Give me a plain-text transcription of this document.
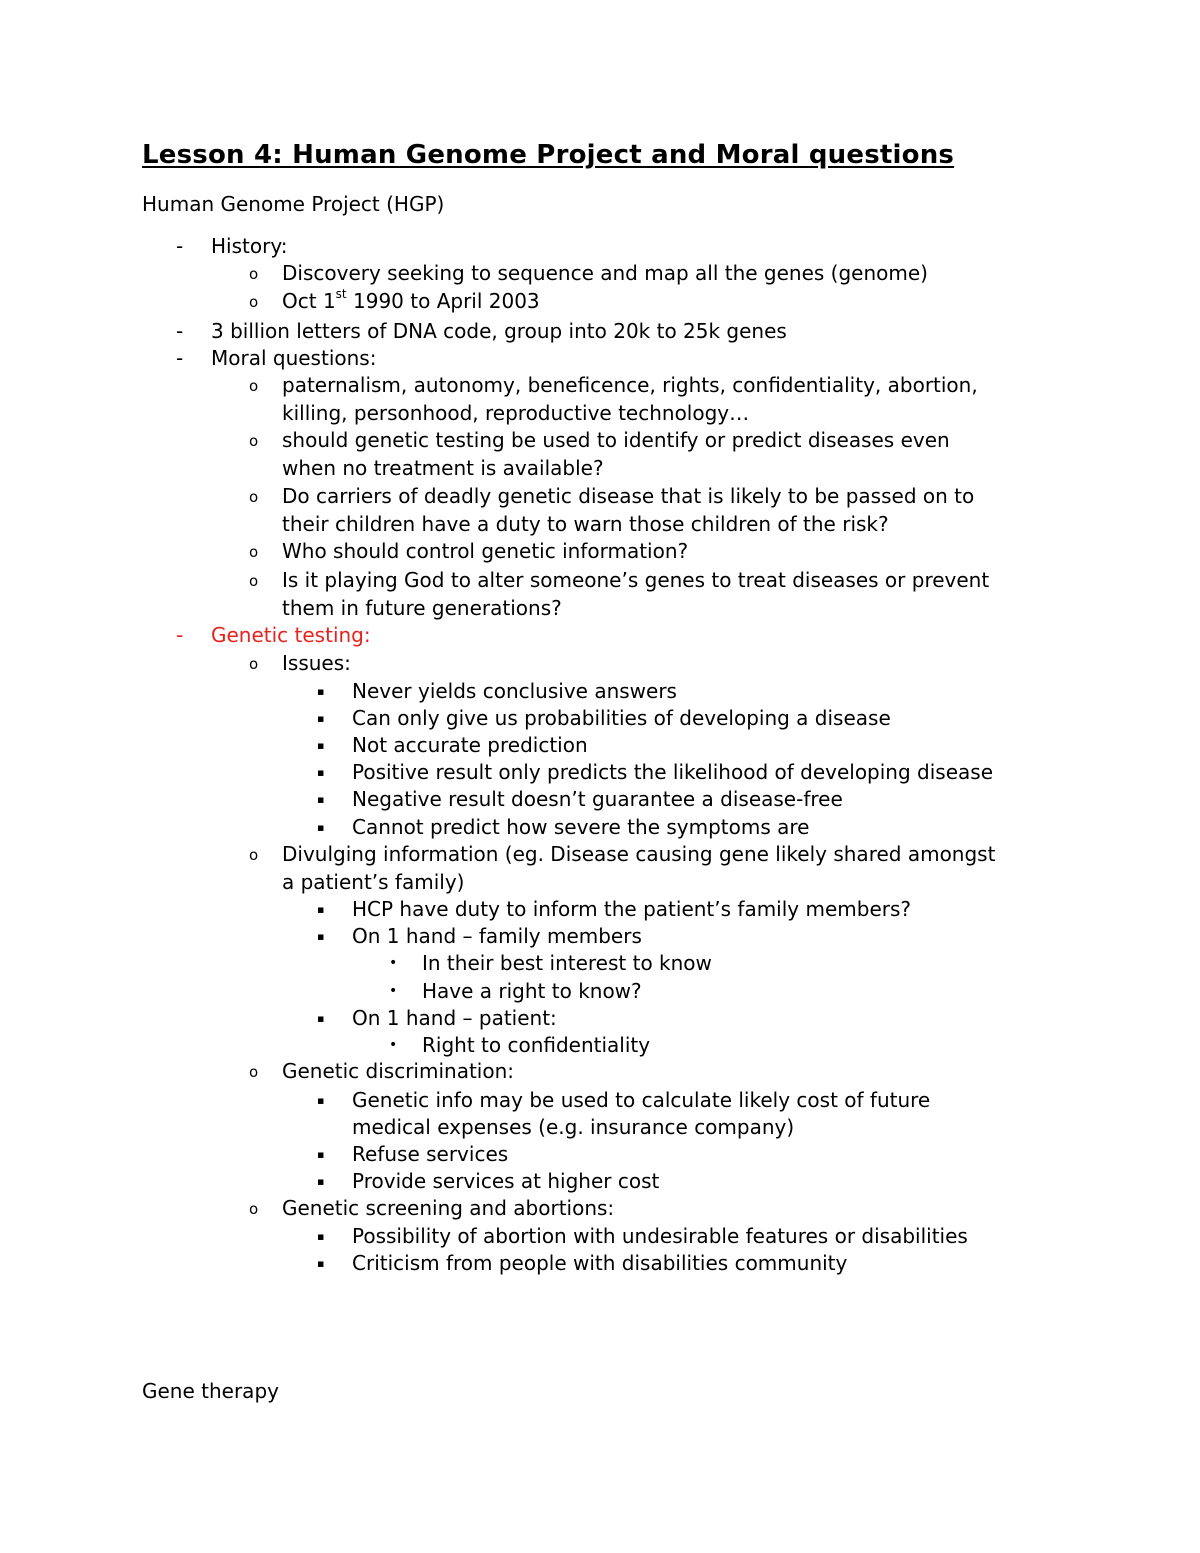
Lesson 4: Human Genome Project and Moral questions
Human Genome Project (HGP)
- History:
o Discovery seeking to sequence and map all the genes (genome)
o Oct 1st 1990 to April 2003
- 3 billion letters of DNA code, group into 20k to 25k genes
- Moral questions:
o paternalism, autonomy, beneficence, rights, confidentiality, abortion,
killing, personhood, reproductive technology…
o should genetic testing be used to identify or predict diseases even
when no treatment is available?
o Do carriers of deadly genetic disease that is likely to be passed on to
their children have a duty to warn those children of the risk?
o Who should control genetic information?
o Is it playing God to alter someone’s genes to treat diseases or prevent
them in future generations?
- Genetic testing:
o Issues:
▪ Never yields conclusive answers
▪ Can only give us probabilities of developing a disease
▪ Not accurate prediction
▪ Positive result only predicts the likelihood of developing disease
▪ Negative result doesn’t guarantee a disease-free
▪ Cannot predict how severe the symptoms are
o Divulging information (eg. Disease causing gene likely shared amongst
a patient’s family)
▪ HCP have duty to inform the patient’s family members?
▪ On 1 hand – family members
• In their best interest to know
• Have a right to know?
▪ On 1 hand – patient:
• Right to confidentiality
o Genetic discrimination:
▪ Genetic info may be used to calculate likely cost of future
medical expenses (e.g. insurance company)
▪ Refuse services
▪ Provide services at higher cost
o Genetic screening and abortions:
▪ Possibility of abortion with undesirable features or disabilities
▪ Criticism from people with disabilities community
Gene therapy
